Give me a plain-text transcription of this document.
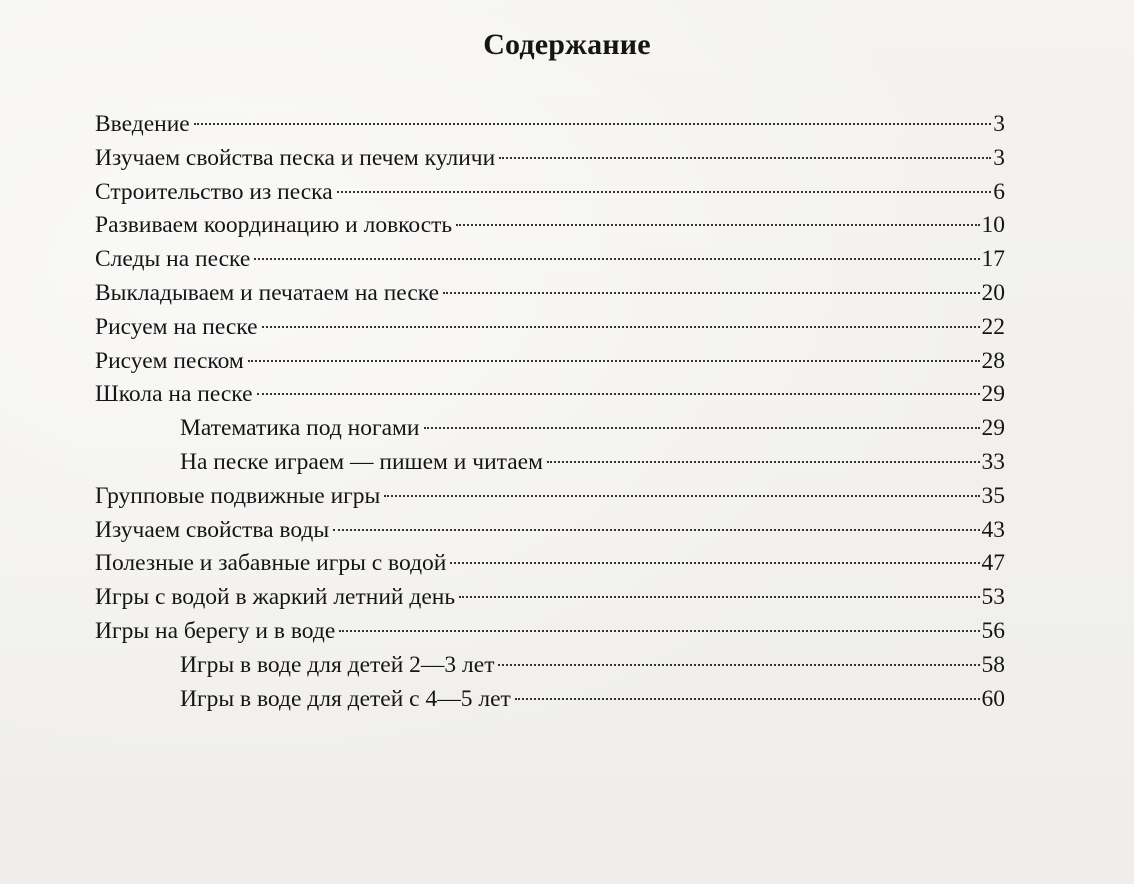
Содержание
Введение	3
Изучаем свойства песка и печем куличи	3
Строительство из песка	6
Развиваем координацию и ловкость	10
Следы на песке	17
Выкладываем и печатаем на песке	20
Рисуем на песке	22
Рисуем песком	28
Школа на песке	29
Математика под ногами	29
На песке играем — пишем и читаем	33
Групповые подвижные игры	35
Изучаем свойства воды	43
Полезные и забавные игры с водой	47
Игры с водой в жаркий летний день	53
Игры на берегу и в воде	56
Игры в воде для детей 2—3 лет	58
Игры в воде для детей с 4—5 лет	60
